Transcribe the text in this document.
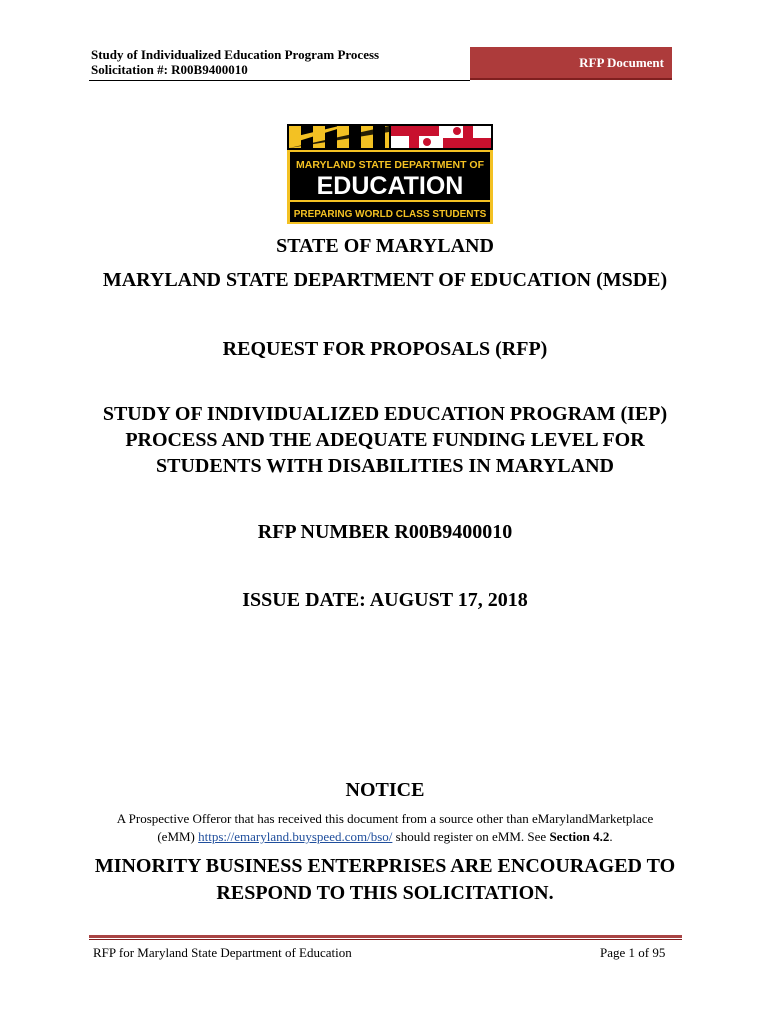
Study of Individualized Education Program Process
Solicitation #: R00B9400010	RFP Document
MARYLAND STATE DEPARTMENT OF
EDUCATION
PREPARING WORLD CLASS STUDENTS
STATE OF MARYLAND
MARYLAND STATE DEPARTMENT OF EDUCATION (MSDE)
REQUEST FOR PROPOSALS (RFP)
STUDY OF INDIVIDUALIZED EDUCATION PROGRAM (IEP)
PROCESS AND THE ADEQUATE FUNDING LEVEL FOR
STUDENTS WITH DISABILITIES IN MARYLAND
RFP NUMBER R00B9400010
ISSUE DATE: AUGUST 17, 2018
NOTICE
A Prospective Offeror that has received this document from a source other than eMarylandMarketplace
(eMM) https://emaryland.buyspeed.com/bso/ should register on eMM. See Section 4.2.
MINORITY BUSINESS ENTERPRISES ARE ENCOURAGED TO
RESPOND TO THIS SOLICITATION.
RFP for Maryland State Department of Education	Page 1 of 95
